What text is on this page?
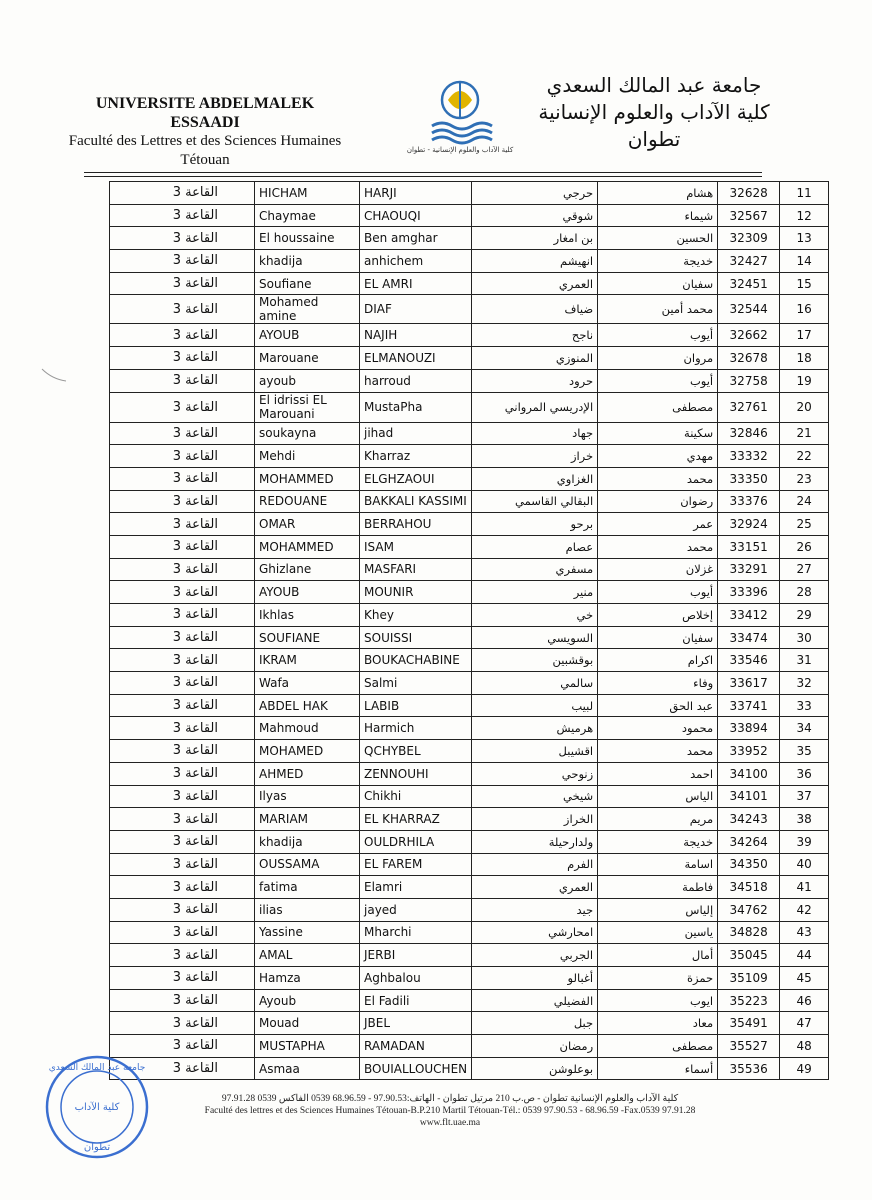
UNIVERSITE ABDELMALEK ESSAADI
Faculté des Lettres et des Sciences Humaines
Tétouan
كلية الآداب والعلوم الإنسانية - تطوان
جامعة عبد المالك السعدي
كلية الآداب والعلوم الإنسانية
تطوان
القاعة 3	HICHAM	HARJI	حرجي	هشام	32628	11
القاعة 3	Chaymae	CHAOUQI	شوقي	شيماء	32567	12
القاعة 3	El houssaine	Ben amghar	بن امغار	الحسين	32309	13
القاعة 3	khadija	anhichem	انهيشم	خديجة	32427	14
القاعة 3	Soufiane	EL AMRI	العمري	سفيان	32451	15
القاعة 3	Mohamed amine	DIAF	ضياف	محمد أمين	32544	16
القاعة 3	AYOUB	NAJIH	ناجح	أيوب	32662	17
القاعة 3	Marouane	ELMANOUZI	المنوزي	مروان	32678	18
القاعة 3	ayoub	harroud	حرود	أيوب	32758	19
القاعة 3	El idrissi EL Marouani	MustaPha	الإدريسي المرواني	مصطفى	32761	20
القاعة 3	soukayna	jihad	جهاد	سكينة	32846	21
القاعة 3	Mehdi	Kharraz	خراز	مهدي	33332	22
القاعة 3	MOHAMMED	ELGHZAOUI	الغزاوي	محمد	33350	23
القاعة 3	REDOUANE	BAKKALI KASSIMI	البقالي القاسمي	رضوان	33376	24
القاعة 3	OMAR	BERRAHOU	برحو	عمر	32924	25
القاعة 3	MOHAMMED	ISAM	عصام	محمد	33151	26
القاعة 3	Ghizlane	MASFARI	مسفري	غزلان	33291	27
القاعة 3	AYOUB	MOUNIR	منير	أيوب	33396	28
القاعة 3	Ikhlas	Khey	خي	إخلاص	33412	29
القاعة 3	SOUFIANE	SOUISSI	السويسي	سفيان	33474	30
القاعة 3	IKRAM	BOUKACHABINE	بوقشبين	اكرام	33546	31
القاعة 3	Wafa	Salmi	سالمي	وفاء	33617	32
القاعة 3	ABDEL HAK	LABIB	لبيب	عبد الحق	33741	33
القاعة 3	Mahmoud	Harmich	هرميش	محمود	33894	34
القاعة 3	MOHAMED	QCHYBEL	اقشيبل	محمد	33952	35
القاعة 3	AHMED	ZENNOUHI	زنوحي	احمد	34100	36
القاعة 3	Ilyas	Chikhi	شيخي	الياس	34101	37
القاعة 3	MARIAM	EL KHARRAZ	الخراز	مريم	34243	38
القاعة 3	khadija	OULDRHILA	ولدارحيلة	خديجة	34264	39
القاعة 3	OUSSAMA	EL FAREM	الفرم	اسامة	34350	40
القاعة 3	fatima	Elamri	العمري	فاطمة	34518	41
القاعة 3	ilias	jayed	جيد	إلياس	34762	42
القاعة 3	Yassine	Mharchi	امحارشي	ياسين	34828	43
القاعة 3	AMAL	JERBI	الجربي	أمال	35045	44
القاعة 3	Hamza	Aghbalou	أغبالو	حمزة	35109	45
القاعة 3	Ayoub	El Fadili	الفضيلي	ايوب	35223	46
القاعة 3	Mouad	JBEL	جبل	معاد	35491	47
القاعة 3	MUSTAPHA	RAMADAN	رمضان	مصطفى	35527	48
القاعة 3	Asmaa	BOUIALLOUCHEN	بوعلوشن	أسماء	35536	49
جامعة عبد المالك السعدي
كلية الآداب
تطوان
كلية الآداب والعلوم الإنسانية تطوان - ص.ب 210 مرتيل تطوان - الهاتف:97.90.53 - 68.96.59 0539 الفاكس 0539 97.91.28
Faculté des lettres et des Sciences Humaines Tétouan-B.P.210 Martil Tétouan-Tél.: 0539 97.90.53 - 68.96.59 -Fax.0539 97.91.28
www.flt.uae.ma
